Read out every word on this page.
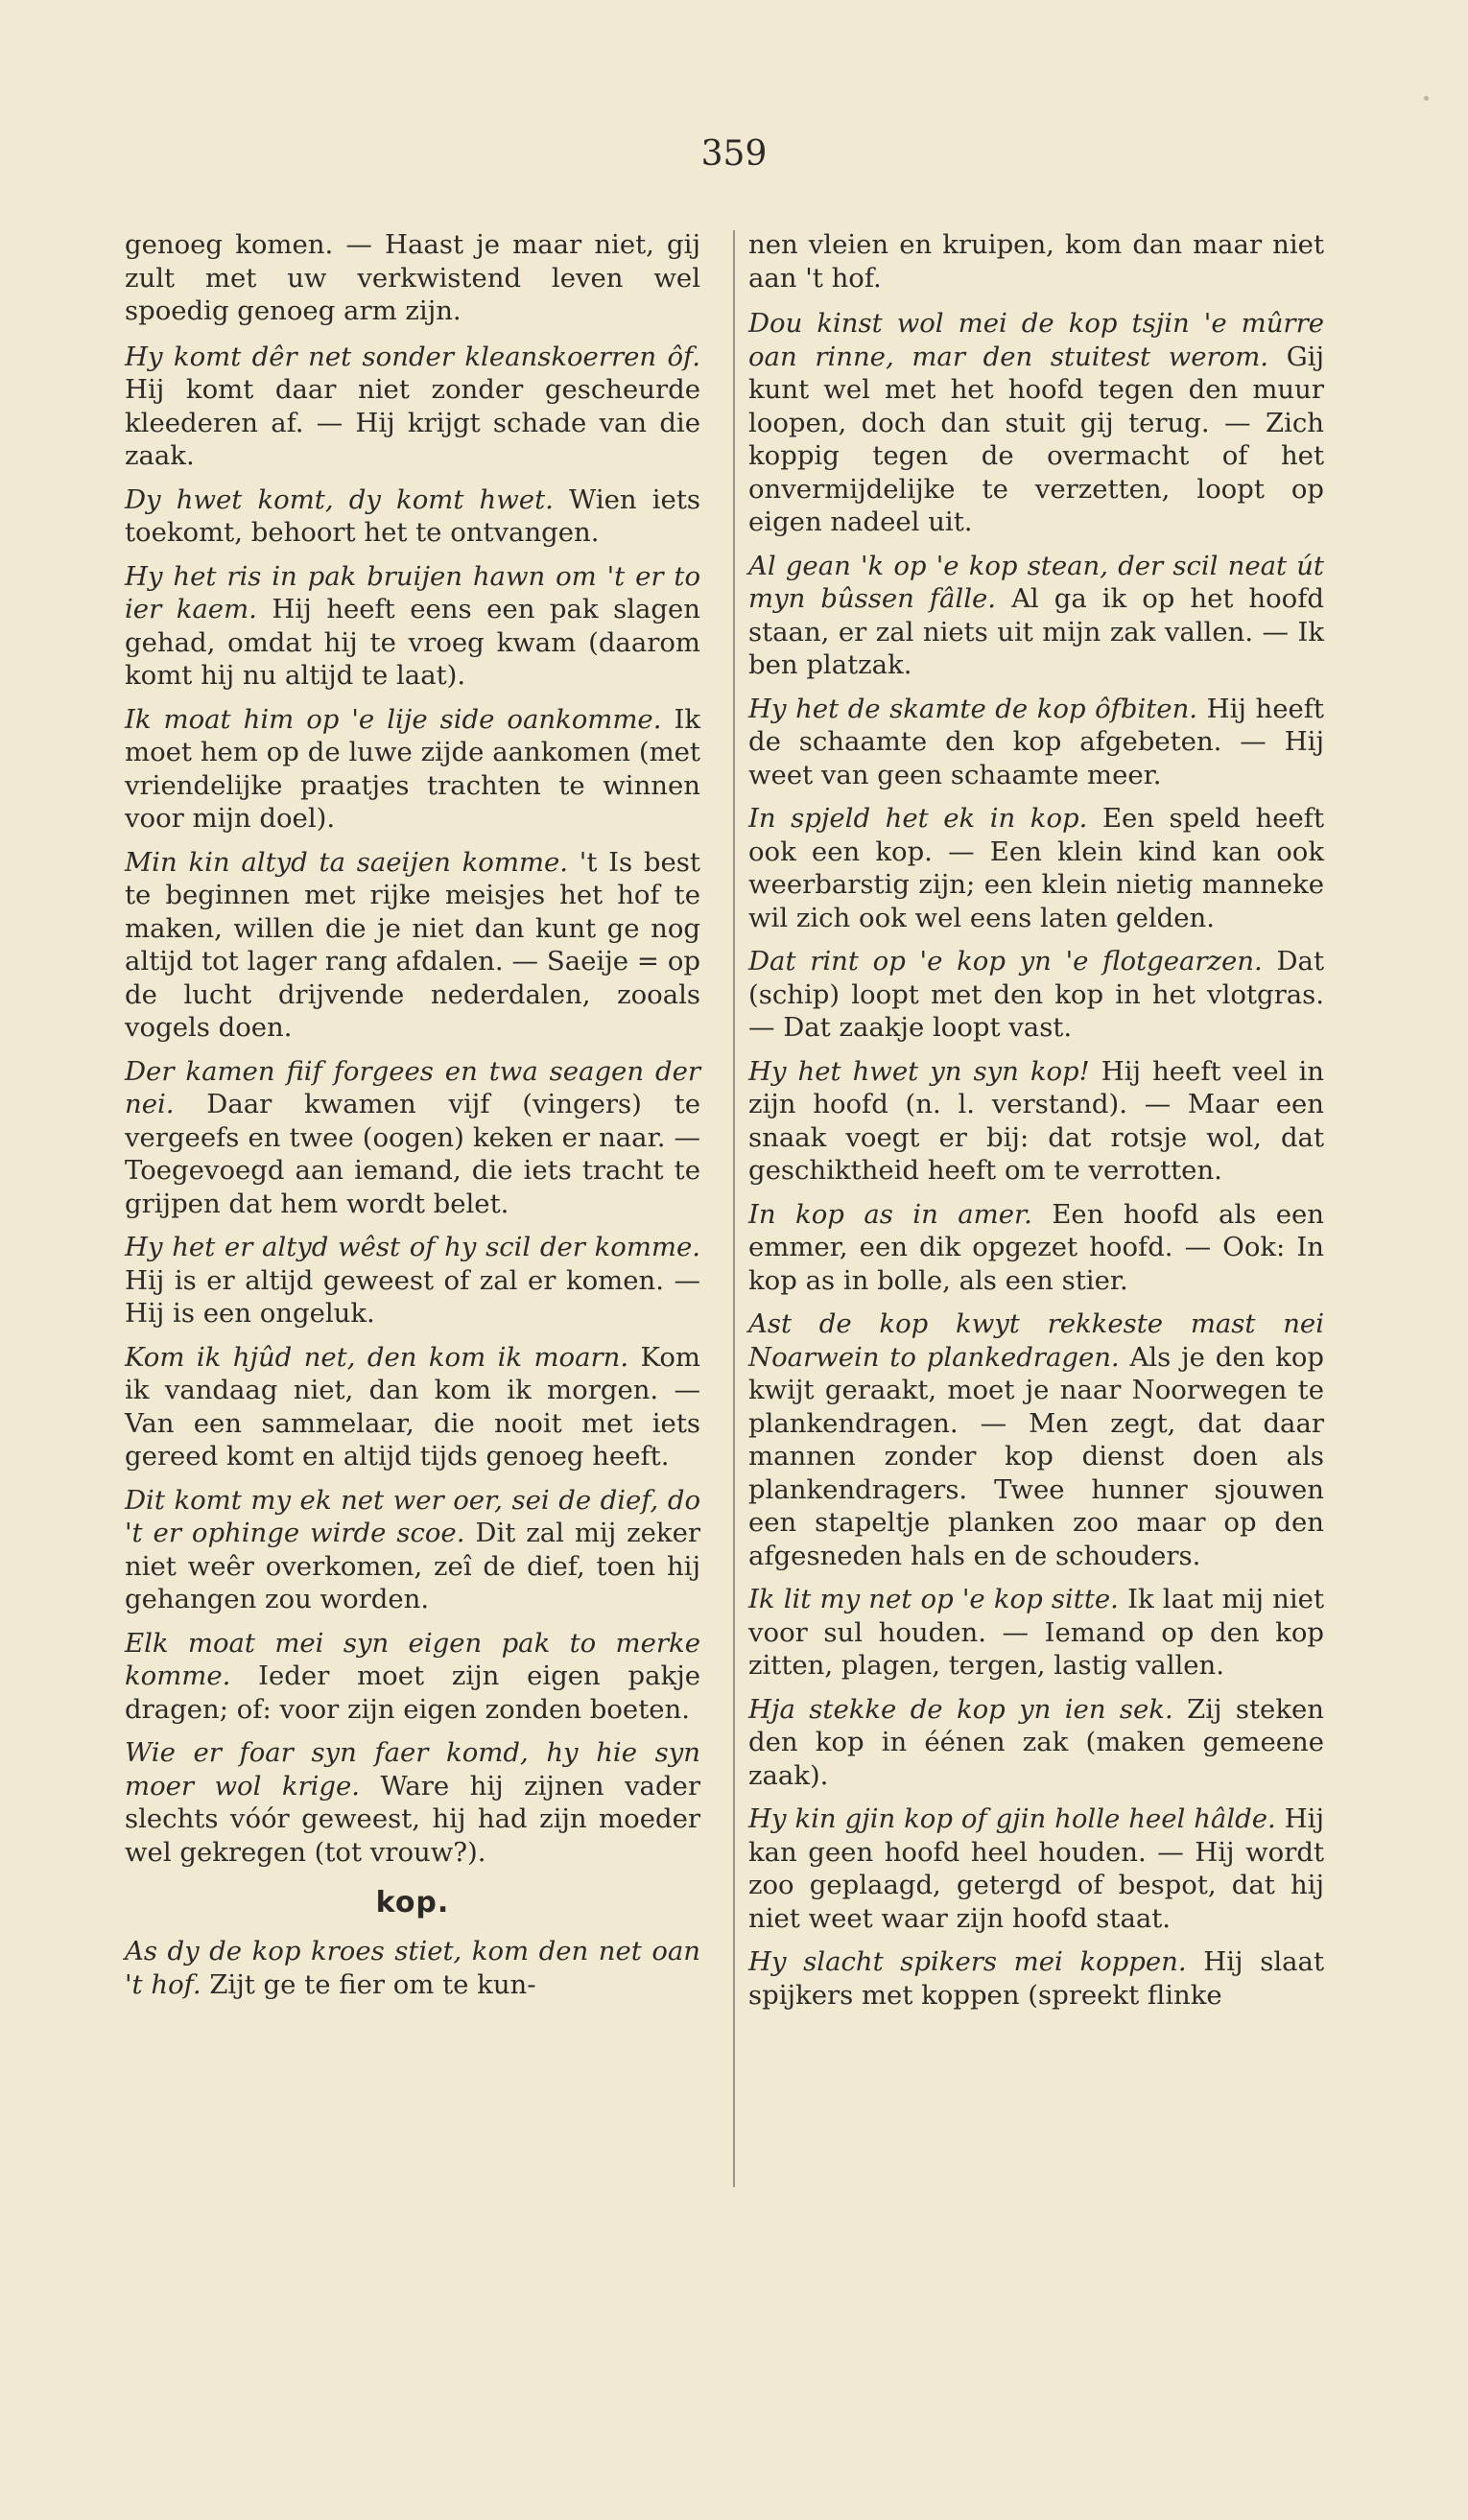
359
genoeg komen. — Haast je maar niet, gij zult met uw verkwistend leven wel spoedig genoeg arm zijn.
Hy komt dêr net sonder kleanskoerren ôf. Hij komt daar niet zonder gescheurde kleederen af. — Hij krijgt schade van die zaak.
Dy hwet komt, dy komt hwet. Wien iets toekomt, behoort het te ontvangen.
Hy het ris in pak bruijen hawn om 't er to ier kaem. Hij heeft eens een pak slagen gehad, omdat hij te vroeg kwam (daarom komt hij nu altijd te laat).
Ik moat him op 'e lije side oankomme. Ik moet hem op de luwe zijde aankomen (met vriendelijke praatjes trachten te winnen voor mijn doel).
Min kin altyd ta saeijen komme. 't Is best te beginnen met rijke meisjes het hof te maken, willen die je niet dan kunt ge nog altijd tot lager rang afdalen. — Saeije = op de lucht drijvende nederdalen, zooals vogels doen.
Der kamen fiif forgees en twa seagen der nei. Daar kwamen vijf (vingers) te vergeefs en twee (oogen) keken er naar. — Toegevoegd aan iemand, die iets tracht te grijpen dat hem wordt belet.
Hy het er altyd wêst of hy scil der komme. Hij is er altijd geweest of zal er komen. — Hij is een ongeluk.
Kom ik hjûd net, den kom ik moarn. Kom ik vandaag niet, dan kom ik morgen. — Van een sammelaar, die nooit met iets gereed komt en altijd tijds genoeg heeft.
Dit komt my ek net wer oer, sei de dief, do 't er ophinge wirde scoe. Dit zal mij zeker niet weêr overkomen, zeî de dief, toen hij gehangen zou worden.
Elk moat mei syn eigen pak to merke komme. Ieder moet zijn eigen pakje dragen; of: voor zijn eigen zonden boeten.
Wie er foar syn faer komd, hy hie syn moer wol krige. Ware hij zijnen vader slechts vóór geweest, hij had zijn moeder wel gekregen (tot vrouw?).
kop.
As dy de kop kroes stiet, kom den net oan 't hof. Zijt ge te fier om te kun-
nen vleien en kruipen, kom dan maar niet aan 't hof.
Dou kinst wol mei de kop tsjin 'e mûrre oan rinne, mar den stuitest werom. Gij kunt wel met het hoofd tegen den muur loopen, doch dan stuit gij terug. — Zich koppig tegen de overmacht of het onvermijdelijke te verzetten, loopt op eigen nadeel uit.
Al gean 'k op 'e kop stean, der scil neat út myn bûssen fâlle. Al ga ik op het hoofd staan, er zal niets uit mijn zak vallen. — Ik ben platzak.
Hy het de skamte de kop ôfbiten. Hij heeft de schaamte den kop afgebeten. — Hij weet van geen schaamte meer.
In spjeld het ek in kop. Een speld heeft ook een kop. — Een klein kind kan ook weerbarstig zijn; een klein nietig manneke wil zich ook wel eens laten gelden.
Dat rint op 'e kop yn 'e flotgearzen. Dat (schip) loopt met den kop in het vlotgras. — Dat zaakje loopt vast.
Hy het hwet yn syn kop! Hij heeft veel in zijn hoofd (n. l. verstand). — Maar een snaak voegt er bij: dat rotsje wol, dat geschiktheid heeft om te verrotten.
In kop as in amer. Een hoofd als een emmer, een dik opgezet hoofd. — Ook: In kop as in bolle, als een stier.
Ast de kop kwyt rekkeste mast nei Noarwein to plankedragen. Als je den kop kwijt geraakt, moet je naar Noorwegen te plankendragen. — Men zegt, dat daar mannen zonder kop dienst doen als plankendragers. Twee hunner sjouwen een stapeltje planken zoo maar op den afgesneden hals en de schouders.
Ik lit my net op 'e kop sitte. Ik laat mij niet voor sul houden. — Iemand op den kop zitten, plagen, tergen, lastig vallen.
Hja stekke de kop yn ien sek. Zij steken den kop in éénen zak (maken gemeene zaak).
Hy kin gjin kop of gjin holle heel hâlde. Hij kan geen hoofd heel houden. — Hij wordt zoo geplaagd, getergd of bespot, dat hij niet weet waar zijn hoofd staat.
Hy slacht spikers mei koppen. Hij slaat spijkers met koppen (spreekt flinke
